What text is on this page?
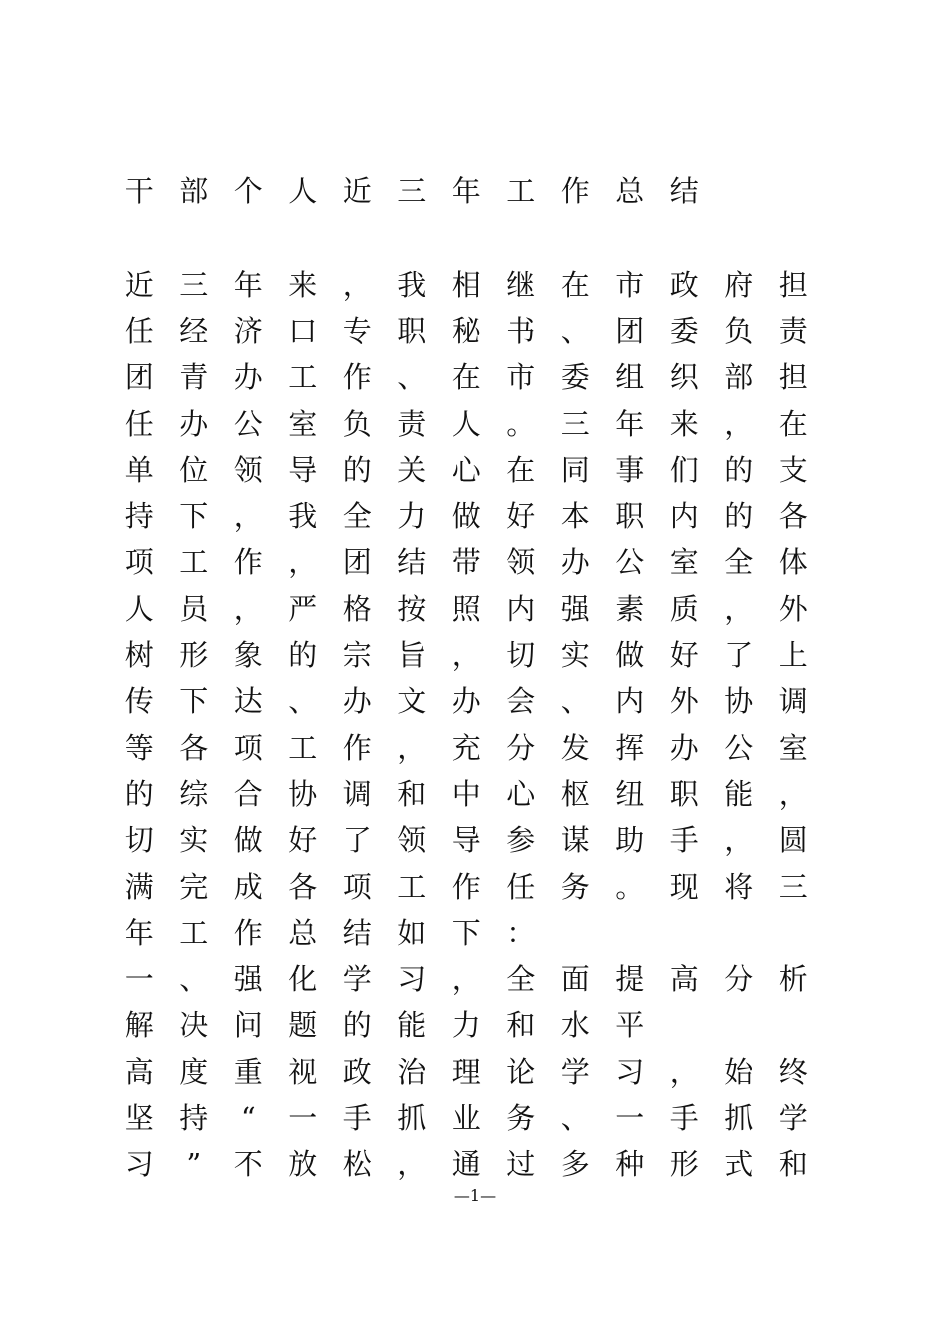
干 部 个 人 近 三 年 工 作 总 结
近 三 年 来 ， 我 相 继 在 市 政 府 担
任 经 济 口 专 职 秘 书 、 团 委 负 责
团 青 办 工 作 、 在 市 委 组 织 部 担
任 办 公 室 负 责 人 。 三 年 来 ， 在
单 位 领 导 的 关 心 在 同 事 们 的 支
持 下 ， 我 全 力 做 好 本 职 内 的 各
项 工 作 ， 团 结 带 领 办 公 室 全 体
人 员 ， 严 格 按 照 内 强 素 质 ， 外
树 形 象 的 宗 旨 ， 切 实 做 好 了 上
传 下 达 、 办 文 办 会 、 内 外 协 调
等 各 项 工 作 ， 充 分 发 挥 办 公 室
的 综 合 协 调 和 中 心 枢 纽 职 能 ，
切 实 做 好 了 领 导 参 谋 助 手 ， 圆
满 完 成 各 项 工 作 任 务 。 现 将 三
年 工 作 总 结 如 下 ：
一 、 强 化 学 习 ， 全 面 提 高 分 析
解 决 问 题 的 能 力 和 水 平
高 度 重 视 政 治 理 论 学 习 ， 始 终
坚 持	“	一 手 抓 业 务 、 一 手 抓 学
习	”	不 放 松 ， 通 过 多 种 形 式 和
—1—
